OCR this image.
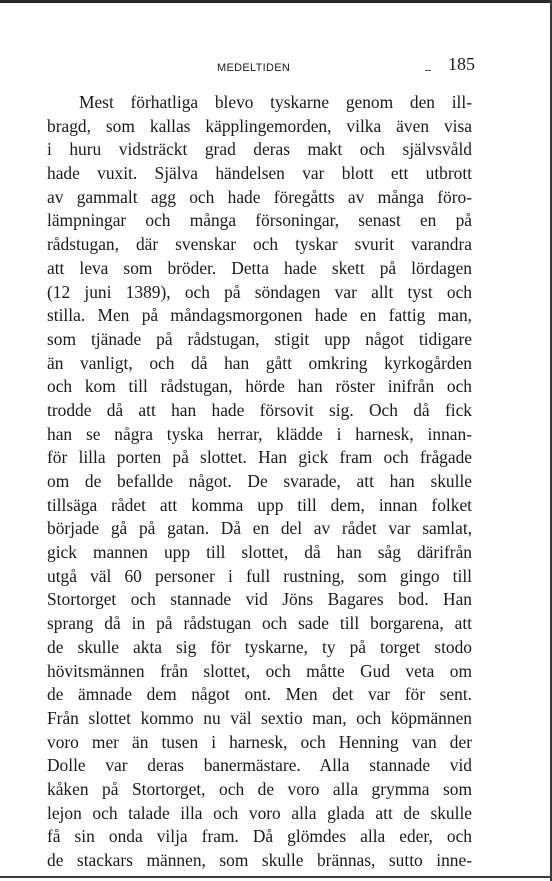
MEDELTIDEN	185
Mest förhatliga blevo tyskarne genom den ill-
bragd, som kallas käpplingemorden, vilka även visa
i huru vidsträckt grad deras makt och självsvåld
hade vuxit. Själva händelsen var blott ett utbrott
av gammalt agg och hade föregåtts av många föro-
lämpningar och många försoningar, senast en på
rådstugan, där svenskar och tyskar svurit varandra
att leva som bröder. Detta hade skett på lördagen
(12 juni 1389), och på söndagen var allt tyst och
stilla. Men på måndagsmorgonen hade en fattig man,
som tjänade på rådstugan, stigit upp något tidigare
än vanligt, och då han gått omkring kyrkogården
och kom till rådstugan, hörde han röster inifrån och
trodde då att han hade försovit sig. Och då fick
han se några tyska herrar, klädde i harnesk, innan-
för lilla porten på slottet. Han gick fram och frågade
om de befallde något. De svarade, att han skulle
tillsäga rådet att komma upp till dem, innan folket
började gå på gatan. Då en del av rådet var samlat,
gick mannen upp till slottet, då han såg därifrån
utgå väl 60 personer i full rustning, som gingo till
Stortorget och stannade vid Jöns Bagares bod. Han
sprang då in på rådstugan och sade till borgarena, att
de skulle akta sig för tyskarne, ty på torget stodo
hövitsmännen från slottet, och måtte Gud veta om
de ämnade dem något ont. Men det var för sent.
Från slottet kommo nu väl sextio man, och köpmännen
voro mer än tusen i harnesk, och Henning van der
Dolle var deras banermästare. Alla stannade vid
kåken på Stortorget, och de voro alla grymma som
lejon och talade illa och voro alla glada att de skulle
få sin onda vilja fram. Då glömdes alla eder, och
de stackars männen, som skulle brännas, sutto inne-
